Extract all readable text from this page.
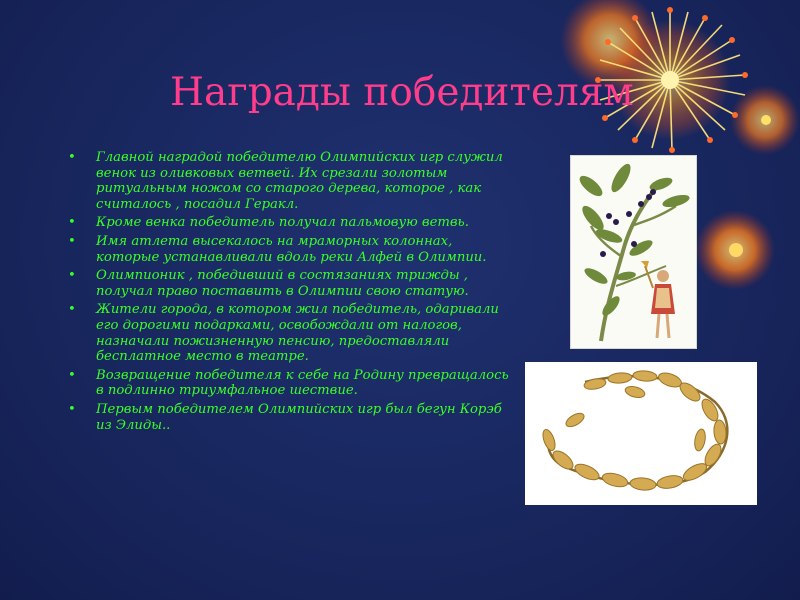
Награды победителям
• Главной наградой победителю Олимпийских игр служил венок из оливковых ветвей. Их срезали золотым ритуальным ножом со старого дерева, которое , как считалось , посадил Геракл.
• Кроме венка победитель получал пальмовую ветвь.
• Имя атлета высекалось на мраморных колоннах, которые устанавливали вдоль реки Алфей в Олимпии.
• Олимпионик , победивший в состязаниях трижды , получал право поставить в Олимпии свою статую.
• Жители города, в котором жил победитель, одаривали его дорогими подарками, освобождали от налогов, назначали пожизненную пенсию, предоставляли бесплатное место в театре.
• Возвращение победителя к себе на Родину превращалось в подлинно триумфальное шествие.
• Первым победителем Олимпийских игр был бегун Корэб из Элиды..
